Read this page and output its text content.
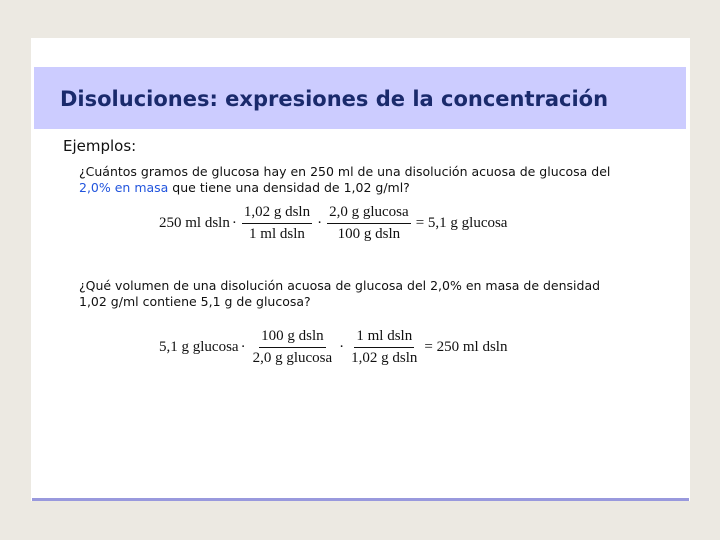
Disoluciones: expresiones de la concentración
Ejemplos:
¿Cuántos gramos de glucosa hay en 250 ml de una disolución acuosa de glucosa del
2,0% en masa que tiene una densidad de 1,02 g/ml?
250 ml $dsln \cdot \frac{\text{1,02 g dsln}}{\text{1 ml dsln}} \cdot \frac{\text{2,0 g glucosa}}{\text{100 g dsln}} = 5,1$ g glucosa
¿Qué volumen de una disolución acuosa de glucosa del 2,0% en masa de densidad
1,02 g/ml contiene 5,1 g de glucosa?
5,1 g $glucosa \cdot \frac{\text{100 g dsln}}{\text{2,0 g glucosa}} \cdot \frac{\text{1 ml dsln}}{\text{1,02 g dsln}} = 250$ ml dsln
